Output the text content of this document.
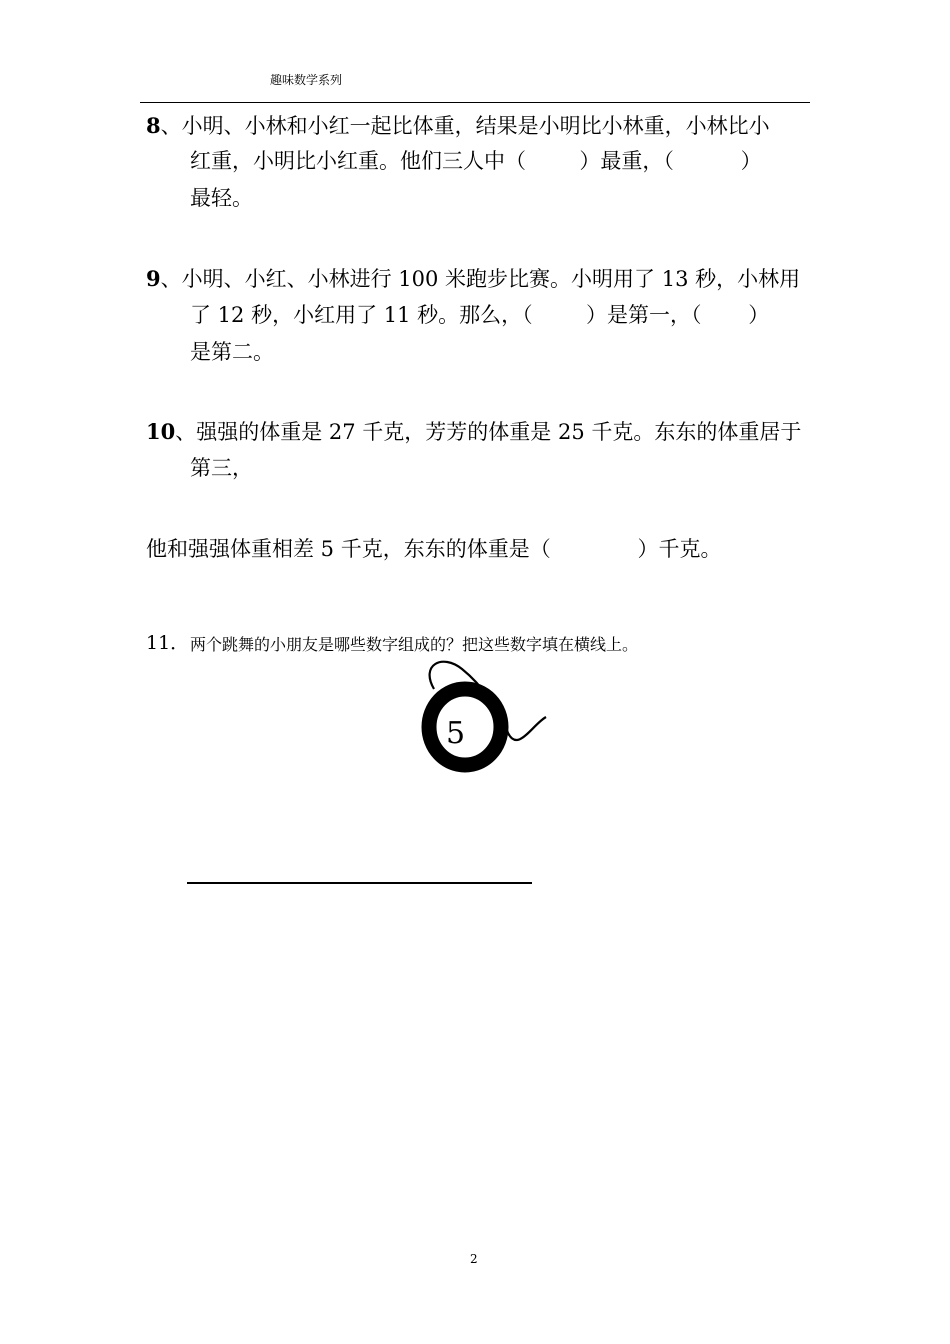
趣味数学系列
8、小明、小林和小红一起比体重，结果是小明比小林重，小林比小
红重，小明比小红重。他们三人中（        ）最重，（          ）
最轻。
9、小明、小红、小林进行 100 米跑步比赛。小明用了 13 秒，小林用
了 12 秒，小红用了 11 秒。那么，（        ）是第一，（       ）
是第二。
10、强强的体重是 27 千克，芳芳的体重是 25 千克。东东的体重居于
第三，
他和强强体重相差 5 千克，东东的体重是（             ）千克。
11． 两个跳舞的小朋友是哪些数字组成的？把这些数字填在横线上。
5
2
